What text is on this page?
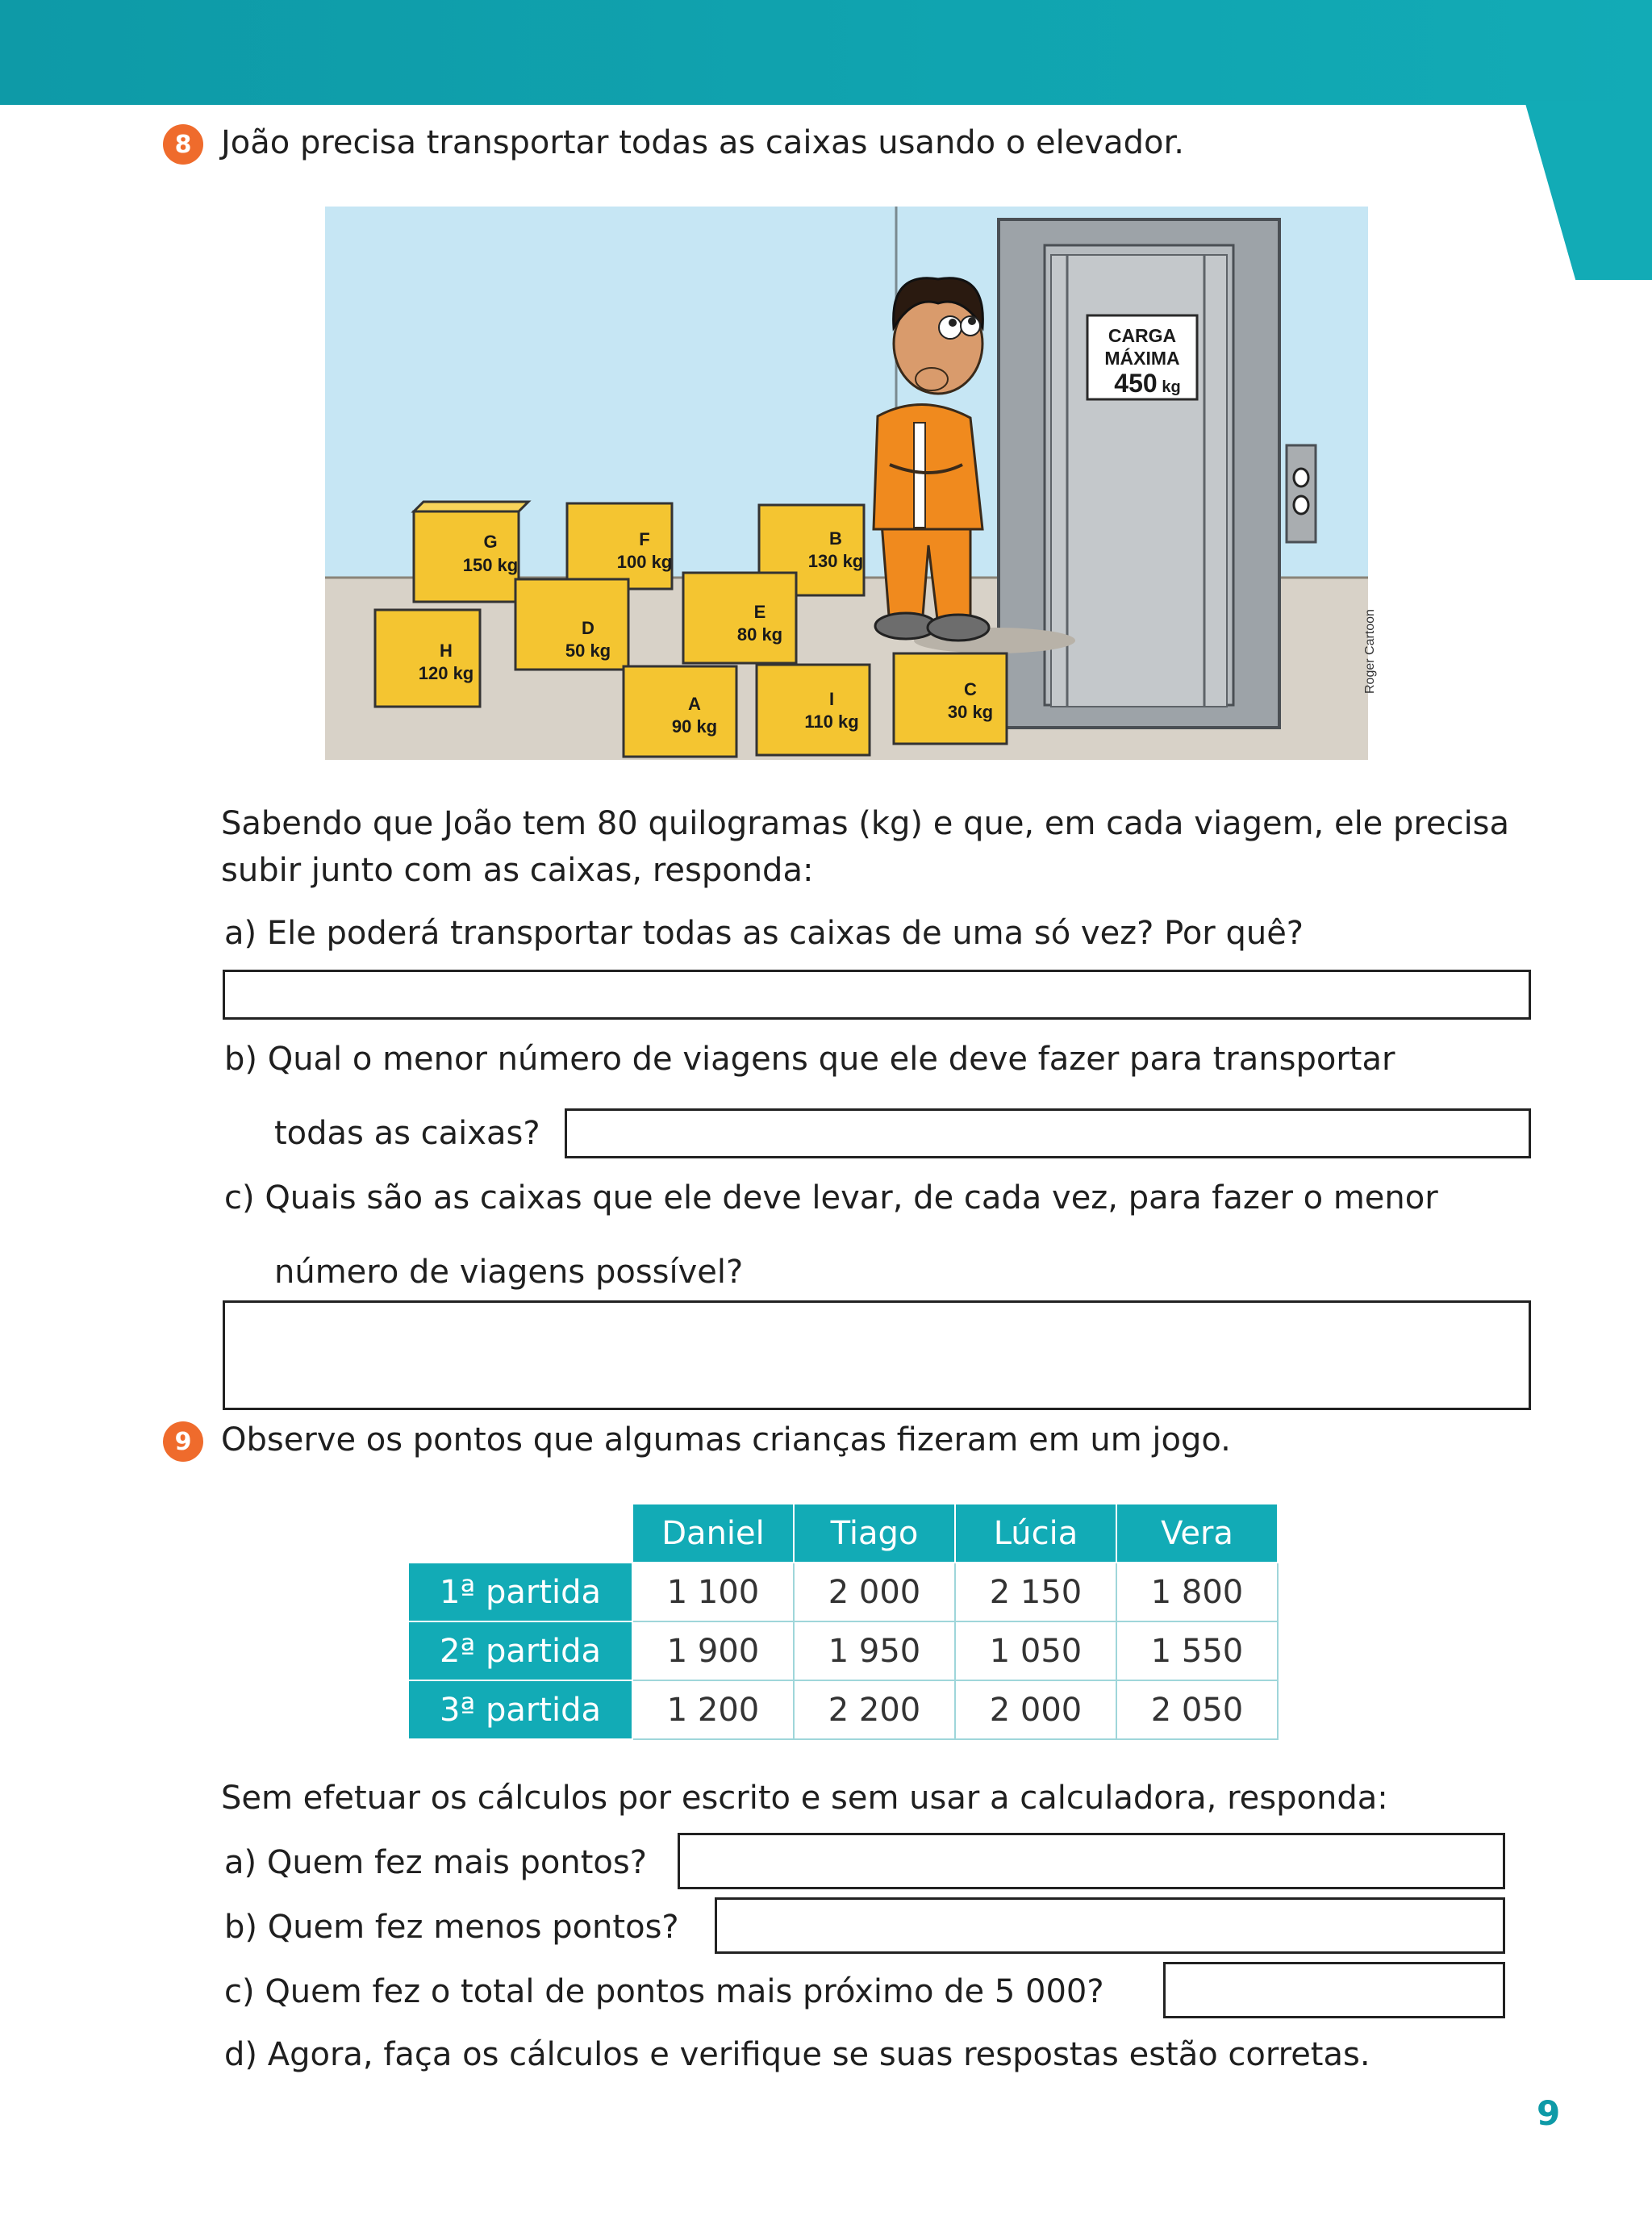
8 João precisa transportar todas as caixas usando o elevador.
CARGA
MÁXIMA
450 kg
G
150 kg
F
100 kg
B
130 kg
D
50 kg
E
80 kg
H
120 kg
A
90 kg
I
110 kg
C
30 kg
Roger Cartoon
Sabendo que João tem 80 quilogramas (kg) e que, em cada viagem, ele precisa
subir junto com as caixas, responda:
a) Ele poderá transportar todas as caixas de uma só vez? Por quê?
b) Qual o menor número de viagens que ele deve fazer para transportar
todas as caixas?
c) Quais são as caixas que ele deve levar, de cada vez, para fazer o menor
número de viagens possível?
9 Observe os pontos que algumas crianças fizeram em um jogo.
	Daniel	Tiago	Lúcia	Vera
1ª partida	1 100	2 000	2 150	1 800
2ª partida	1 900	1 950	1 050	1 550
3ª partida	1 200	2 200	2 000	2 050
Sem efetuar os cálculos por escrito e sem usar a calculadora, responda:
a) Quem fez mais pontos?
b) Quem fez menos pontos?
c) Quem fez o total de pontos mais próximo de 5 000?
d) Agora, faça os cálculos e verifique se suas respostas estão corretas.
9
